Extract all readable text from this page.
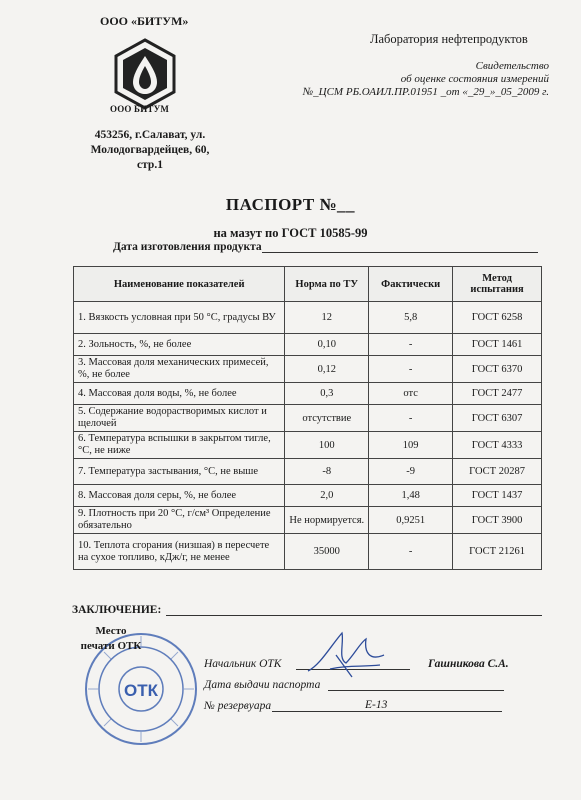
ООО «БИТУМ»
ООО БИТУМ
453256, г.Салават, ул.
Молодогвардейцев, 60,
стр.1
Лаборатория нефтепродуктов
Свидетельство
об оценке состояния измерений
№_ЦСМ РБ.ОАИЛ.ПР.01951 _от «_29_»_05_2009 г.
ПАСПОРТ №__
на мазут по ГОСТ 10585-99
Дата изготовления продукта
Наименование показателей	Норма по ТУ	Фактически	Метод испытания
1. Вязкость условная при 50 °С, градусы ВУ	12	5,8	ГОСТ 6258
2. Зольность, %, не более	0,10	-	ГОСТ 1461
3. Массовая доля механических примесей, %, не более	0,12	-	ГОСТ 6370
4. Массовая доля воды, %, не более	0,3	отс	ГОСТ 2477
5. Содержание водорастворимых кислот и щелочей	отсутствие	-	ГОСТ 6307
6. Температура вспышки в закрытом тигле, °С, не ниже	100	109	ГОСТ 4333
7. Температура застывания, °С, не выше	-8	-9	ГОСТ 20287
8. Массовая доля серы, %, не более	2,0	1,48	ГОСТ 1437
9. Плотность при 20 °С, г/см³ Определение обязательно	Не нормируется.	0,9251	ГОСТ 3900
10. Теплота сгорания (низшая) в пересчете на сухое топливо, кДж/г, не менее	35000	-	ГОСТ 21261
ЗАКЛЮЧЕНИЕ:
ОТК
Место
печати ОТК
Начальник ОТК	Гашникова С.А.
Дата выдачи паспорта
№ резервуара	Е-13
